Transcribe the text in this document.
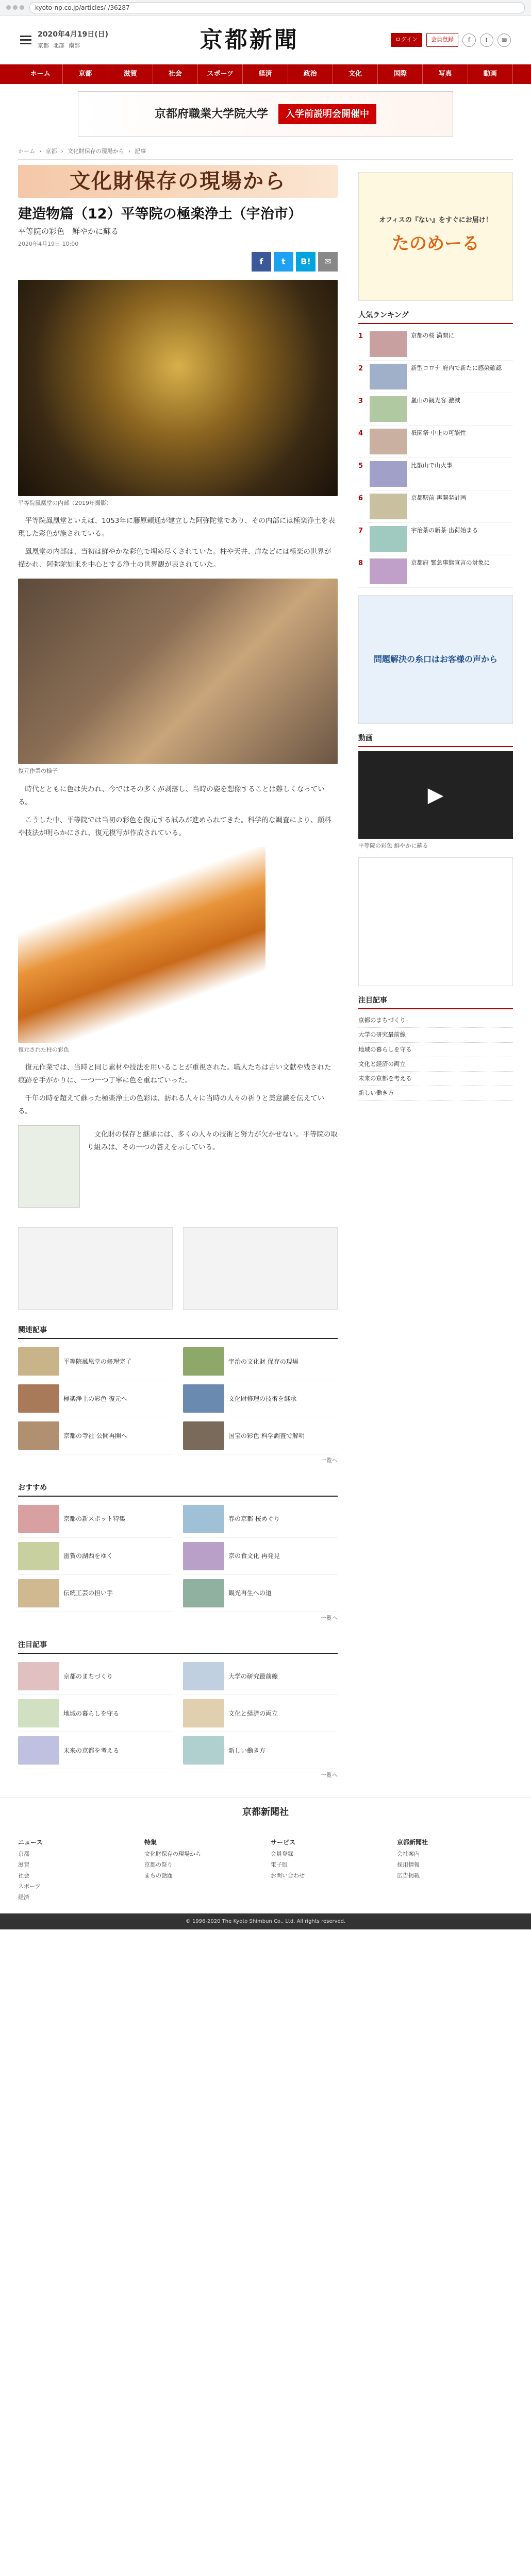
kyoto-np.co.jp/articles/-/36287
2020年4月19日(日)
京都 北部 南部	京都新聞	ログイン	会員登録	f	t	✉
ホーム	京都	滋賀	社会	スポーツ	経済	政治	文化	国際	写真	動画
京都府職業大学院大学	入学前説明会開催中
ホーム › 京都 › 文化財保存の現場から › 記事
文化財保存の現場から
建造物篇（12）平等院の極楽浄土（宇治市）
平等院の彩色　鮮やかに蘇る
2020年4月19日 10:00
f	t	B!	✉
平等院鳳凰堂の内部（2019年撮影）

平等院鳳凰堂といえば、1053年に藤原頼通が建立した阿弥陀堂であり、その内部には極楽浄土を表現した彩色が施されている。

鳳凰堂の内部は、当初は鮮やかな彩色で埋め尽くされていた。柱や天井、扉などには極楽の世界が描かれ、阿弥陀如来を中心とする浄土の世界観が表されていた。

復元作業の様子

時代とともに色は失われ、今ではその多くが剥落し、当時の姿を想像することは難しくなっている。

こうした中、平等院では当初の彩色を復元する試みが進められてきた。科学的な調査により、顔料や技法が明らかにされ、復元模写が作成されている。

復元された柱の彩色

復元作業では、当時と同じ素材や技法を用いることが重視された。職人たちは古い文献や残された痕跡を手がかりに、一つ一つ丁寧に色を重ねていった。

千年の時を超えて蘇った極楽浄土の色彩は、訪れる人々に当時の人々の祈りと美意識を伝えている。

文化財の保存と継承には、多くの人々の技術と努力が欠かせない。平等院の取り組みは、その一つの答えを示している。

関連記事
平等院鳳凰堂の修理完了	宇治の文化財 保存の現場
極楽浄土の彩色 復元へ	文化財修理の技術を継承
京都の寺社 公開再開へ	国宝の彩色 科学調査で解明
一覧へ
おすすめ
京都の新スポット特集	春の京都 桜めぐり
滋賀の湖西をゆく	京の食文化 再発見
伝統工芸の担い手	観光再生への道
一覧へ
注目記事
京都のまちづくり	大学の研究最前線
地域の暮らしを守る	文化と経済の両立
未来の京都を考える	新しい働き方
一覧へ
オフィスの『ない』をすぐにお届け！
たのめーる
人気ランキング
1	京都の桜 満開に
2	新型コロナ 府内で新たに感染確認
3	嵐山の観光客 激減
4	祇園祭 中止の可能性
5	比叡山で山火事
6	京都駅前 再開発計画
7	宇治茶の新茶 出荷始まる
8	京都府 緊急事態宣言の対象に
問題解決の糸口はお客様の声から
動画
▶
平等院の彩色 鮮やかに蘇る
注目記事
京都のまちづくり
大学の研究最前線
地域の暮らしを守る
文化と経済の両立
未来の京都を考える
新しい働き方
京都新聞社
ニュース
京都
滋賀
社会
スポーツ
経済
特集
文化財保存の現場から
京都の祭り
まちの話題
サービス
会員登録
電子版
お問い合わせ
京都新聞社
会社案内
採用情報
広告掲載
© 1996-2020 The Kyoto Shimbun Co., Ltd. All rights reserved.
